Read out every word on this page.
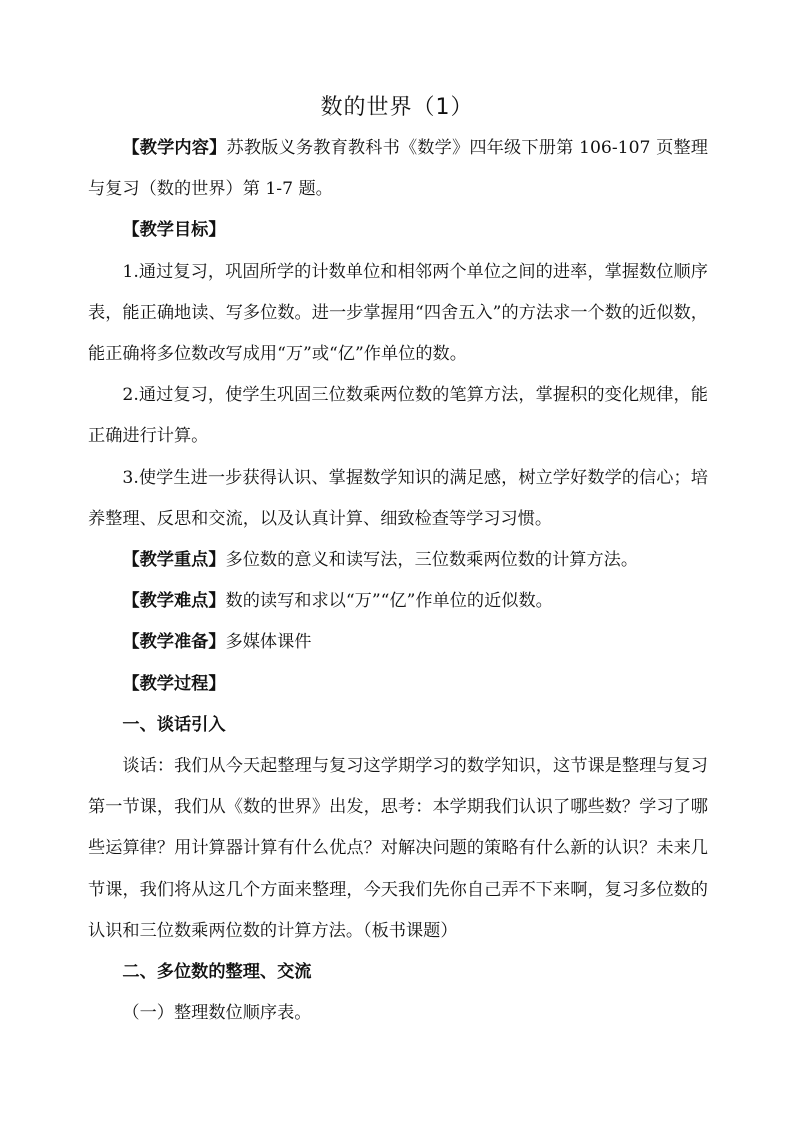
数的世界（1）

【教学内容】苏教版义务教育教科书《数学》四年级下册第 106-107 页整理与复习（数的世界）第 1-7 题。

【教学目标】

1.通过复习，巩固所学的计数单位和相邻两个单位之间的进率，掌握数位顺序表，能正确地读、写多位数。进一步掌握用“四舍五入”的方法求一个数的近似数，能正确将多位数改写成用“万”或“亿”作单位的数。

2.通过复习，使学生巩固三位数乘两位数的笔算方法，掌握积的变化规律，能正确进行计算。

3.使学生进一步获得认识、掌握数学知识的满足感，树立学好数学的信心；培养整理、反思和交流，以及认真计算、细致检查等学习习惯。

【教学重点】多位数的意义和读写法，三位数乘两位数的计算方法。

【教学难点】数的读写和求以“万”“亿”作单位的近似数。

【教学准备】多媒体课件

【教学过程】

一、谈话引入

谈话：我们从今天起整理与复习这学期学习的数学知识，这节课是整理与复习第一节课，我们从《数的世界》出发，思考：本学期我们认识了哪些数？学习了哪些运算律？用计算器计算有什么优点？对解决问题的策略有什么新的认识？未来几节课，我们将从这几个方面来整理，今天我们先你自己弄不下来啊，复习多位数的认识和三位数乘两位数的计算方法。（板书课题）

二、多位数的整理、交流

（一）整理数位顺序表。
